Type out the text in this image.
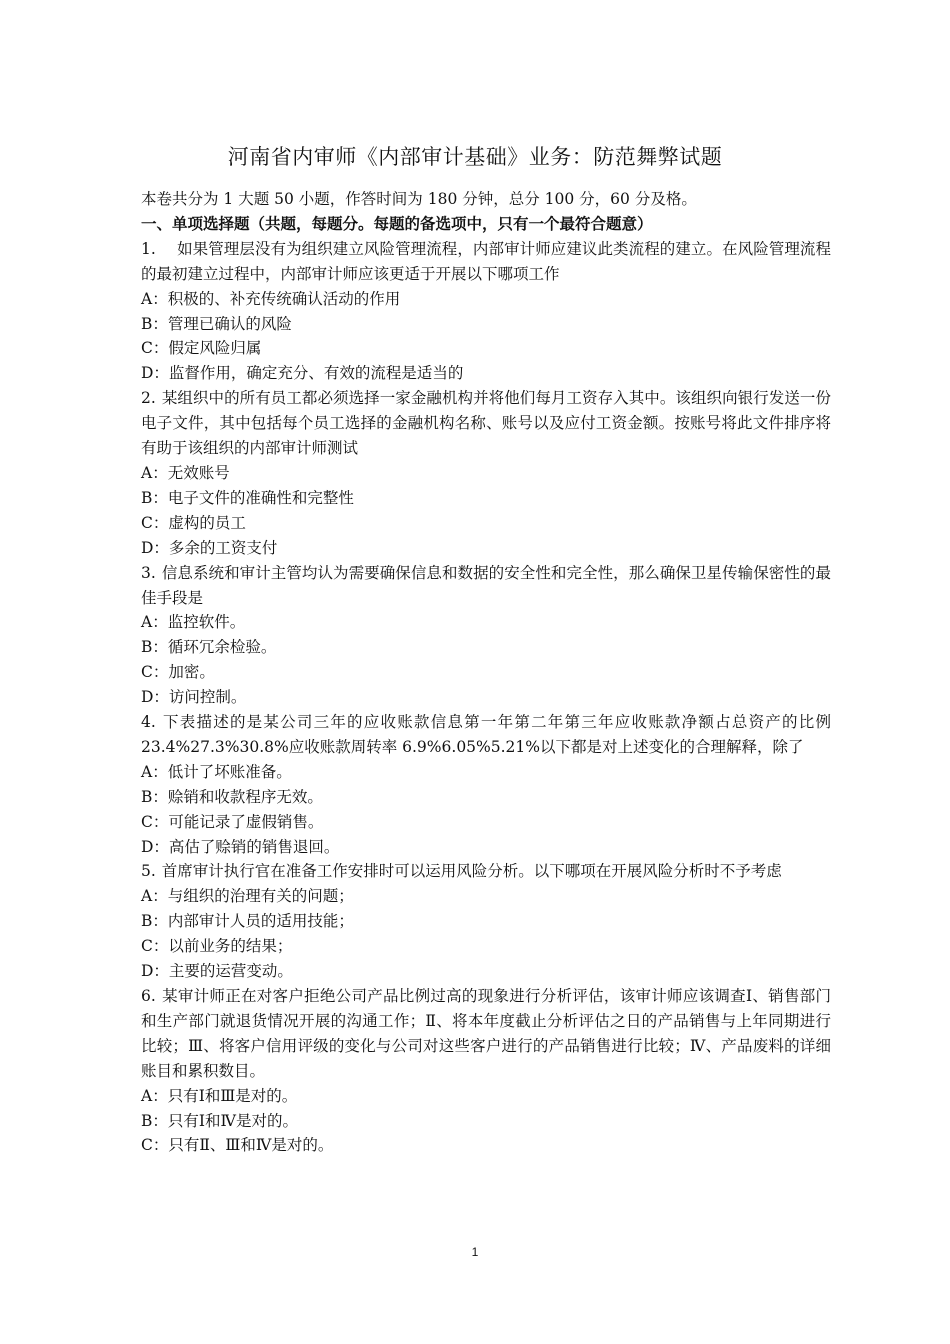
河南省内审师《内部审计基础》业务：防范舞弊试题
本卷共分为 1 大题 50 小题，作答时间为 180 分钟，总分 100 分，60 分及格。
一、单项选择题（共题，每题分。每题的备选项中，只有一个最符合题意）
1. 如果管理层没有为组织建立风险管理流程，内部审计师应建议此类流程的建立。在风险管理流程的最初建立过程中，内部审计师应该更适于开展以下哪项工作
A：积极的、补充传统确认活动的作用
B：管理已确认的风险
C：假定风险归属
D：监督作用，确定充分、有效的流程是适当的
2. 某组织中的所有员工都必须选择一家金融机构并将他们每月工资存入其中。该组织向银行发送一份电子文件，其中包括每个员工选择的金融机构名称、账号以及应付工资金额。按账号将此文件排序将有助于该组织的内部审计师测试
A：无效账号
B：电子文件的准确性和完整性
C：虚构的员工
D：多余的工资支付
3. 信息系统和审计主管均认为需要确保信息和数据的安全性和完全性，那么确保卫星传输保密性的最佳手段是
A：监控软件。
B：循环冗余检验。
C：加密。
D：访问控制。
4. 下表描述的是某公司三年的应收账款信息第一年第二年第三年应收账款净额占总资产的比例 23.4%27.3%30.8%应收账款周转率 6.9%6.05%5.21%以下都是对上述变化的合理解释，除了
A：低计了坏账准备。
B：赊销和收款程序无效。
C：可能记录了虚假销售。
D：高估了赊销的销售退回。
5. 首席审计执行官在准备工作安排时可以运用风险分析。以下哪项在开展风险分析时不予考虑
A：与组织的治理有关的问题；
B：内部审计人员的适用技能；
C：以前业务的结果；
D：主要的运营变动。
6. 某审计师正在对客户拒绝公司产品比例过高的现象进行分析评估，该审计师应该调查Ⅰ、销售部门和生产部门就退货情况开展的沟通工作；Ⅱ、将本年度截止分析评估之日的产品销售与上年同期进行比较；Ⅲ、将客户信用评级的变化与公司对这些客户进行的产品销售进行比较；Ⅳ、产品废料的详细账目和累积数目。
A：只有Ⅰ和Ⅲ是对的。
B：只有Ⅰ和Ⅳ是对的。
C：只有Ⅱ、Ⅲ和Ⅳ是对的。
1
